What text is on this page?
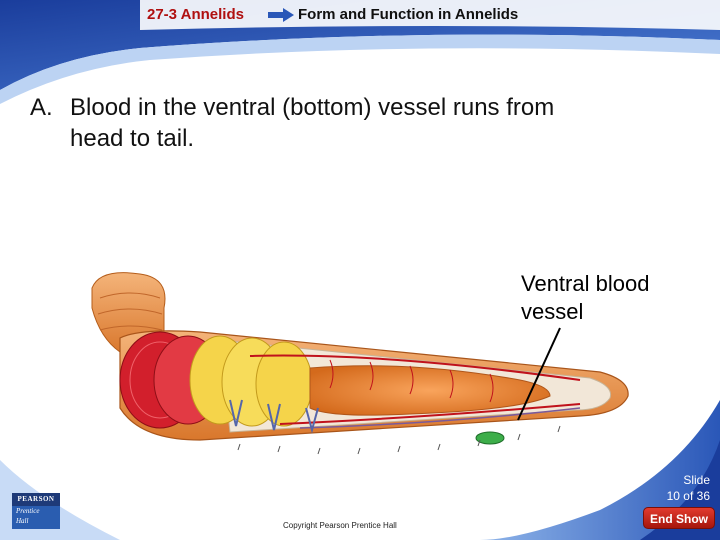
27-3 Annelids	Form and Function in Annelids
A. Blood in the ventral (bottom) vessel runs from
head to tail.
Ventral blood
vessel
Slide
10 of 36
PEARSON
Prentice
Hall	Copyright Pearson Prentice Hall	End Show
